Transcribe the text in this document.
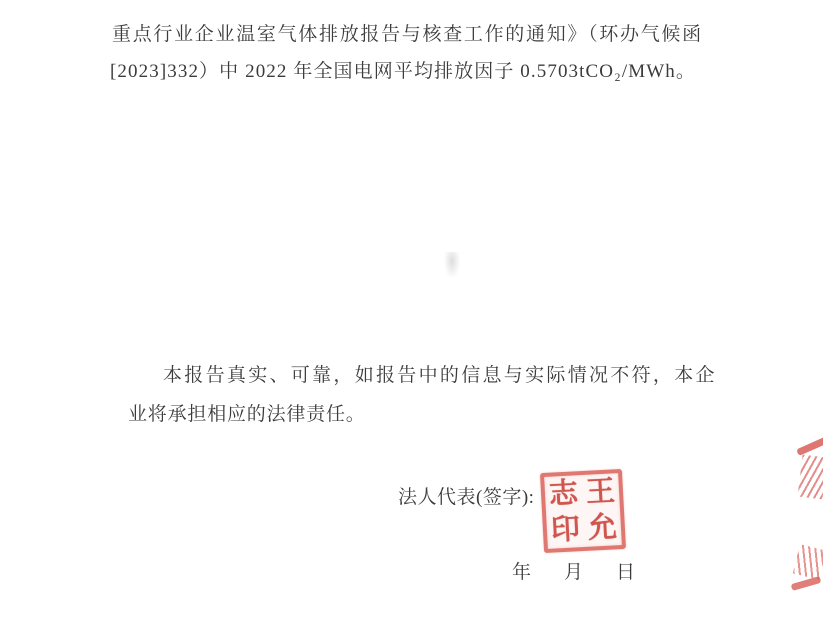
重点行业企业温室气体排放报告与核查工作的通知》（环办气候函
[2023]332）中 2022 年全国电网平均排放因子 0.5703tCO₂/MWh。
本报告真实、可靠，如报告中的信息与实际情况不符，本企
业将承担相应的法律责任。
法人代表(签字): 志 王
印 允
年 月 日
